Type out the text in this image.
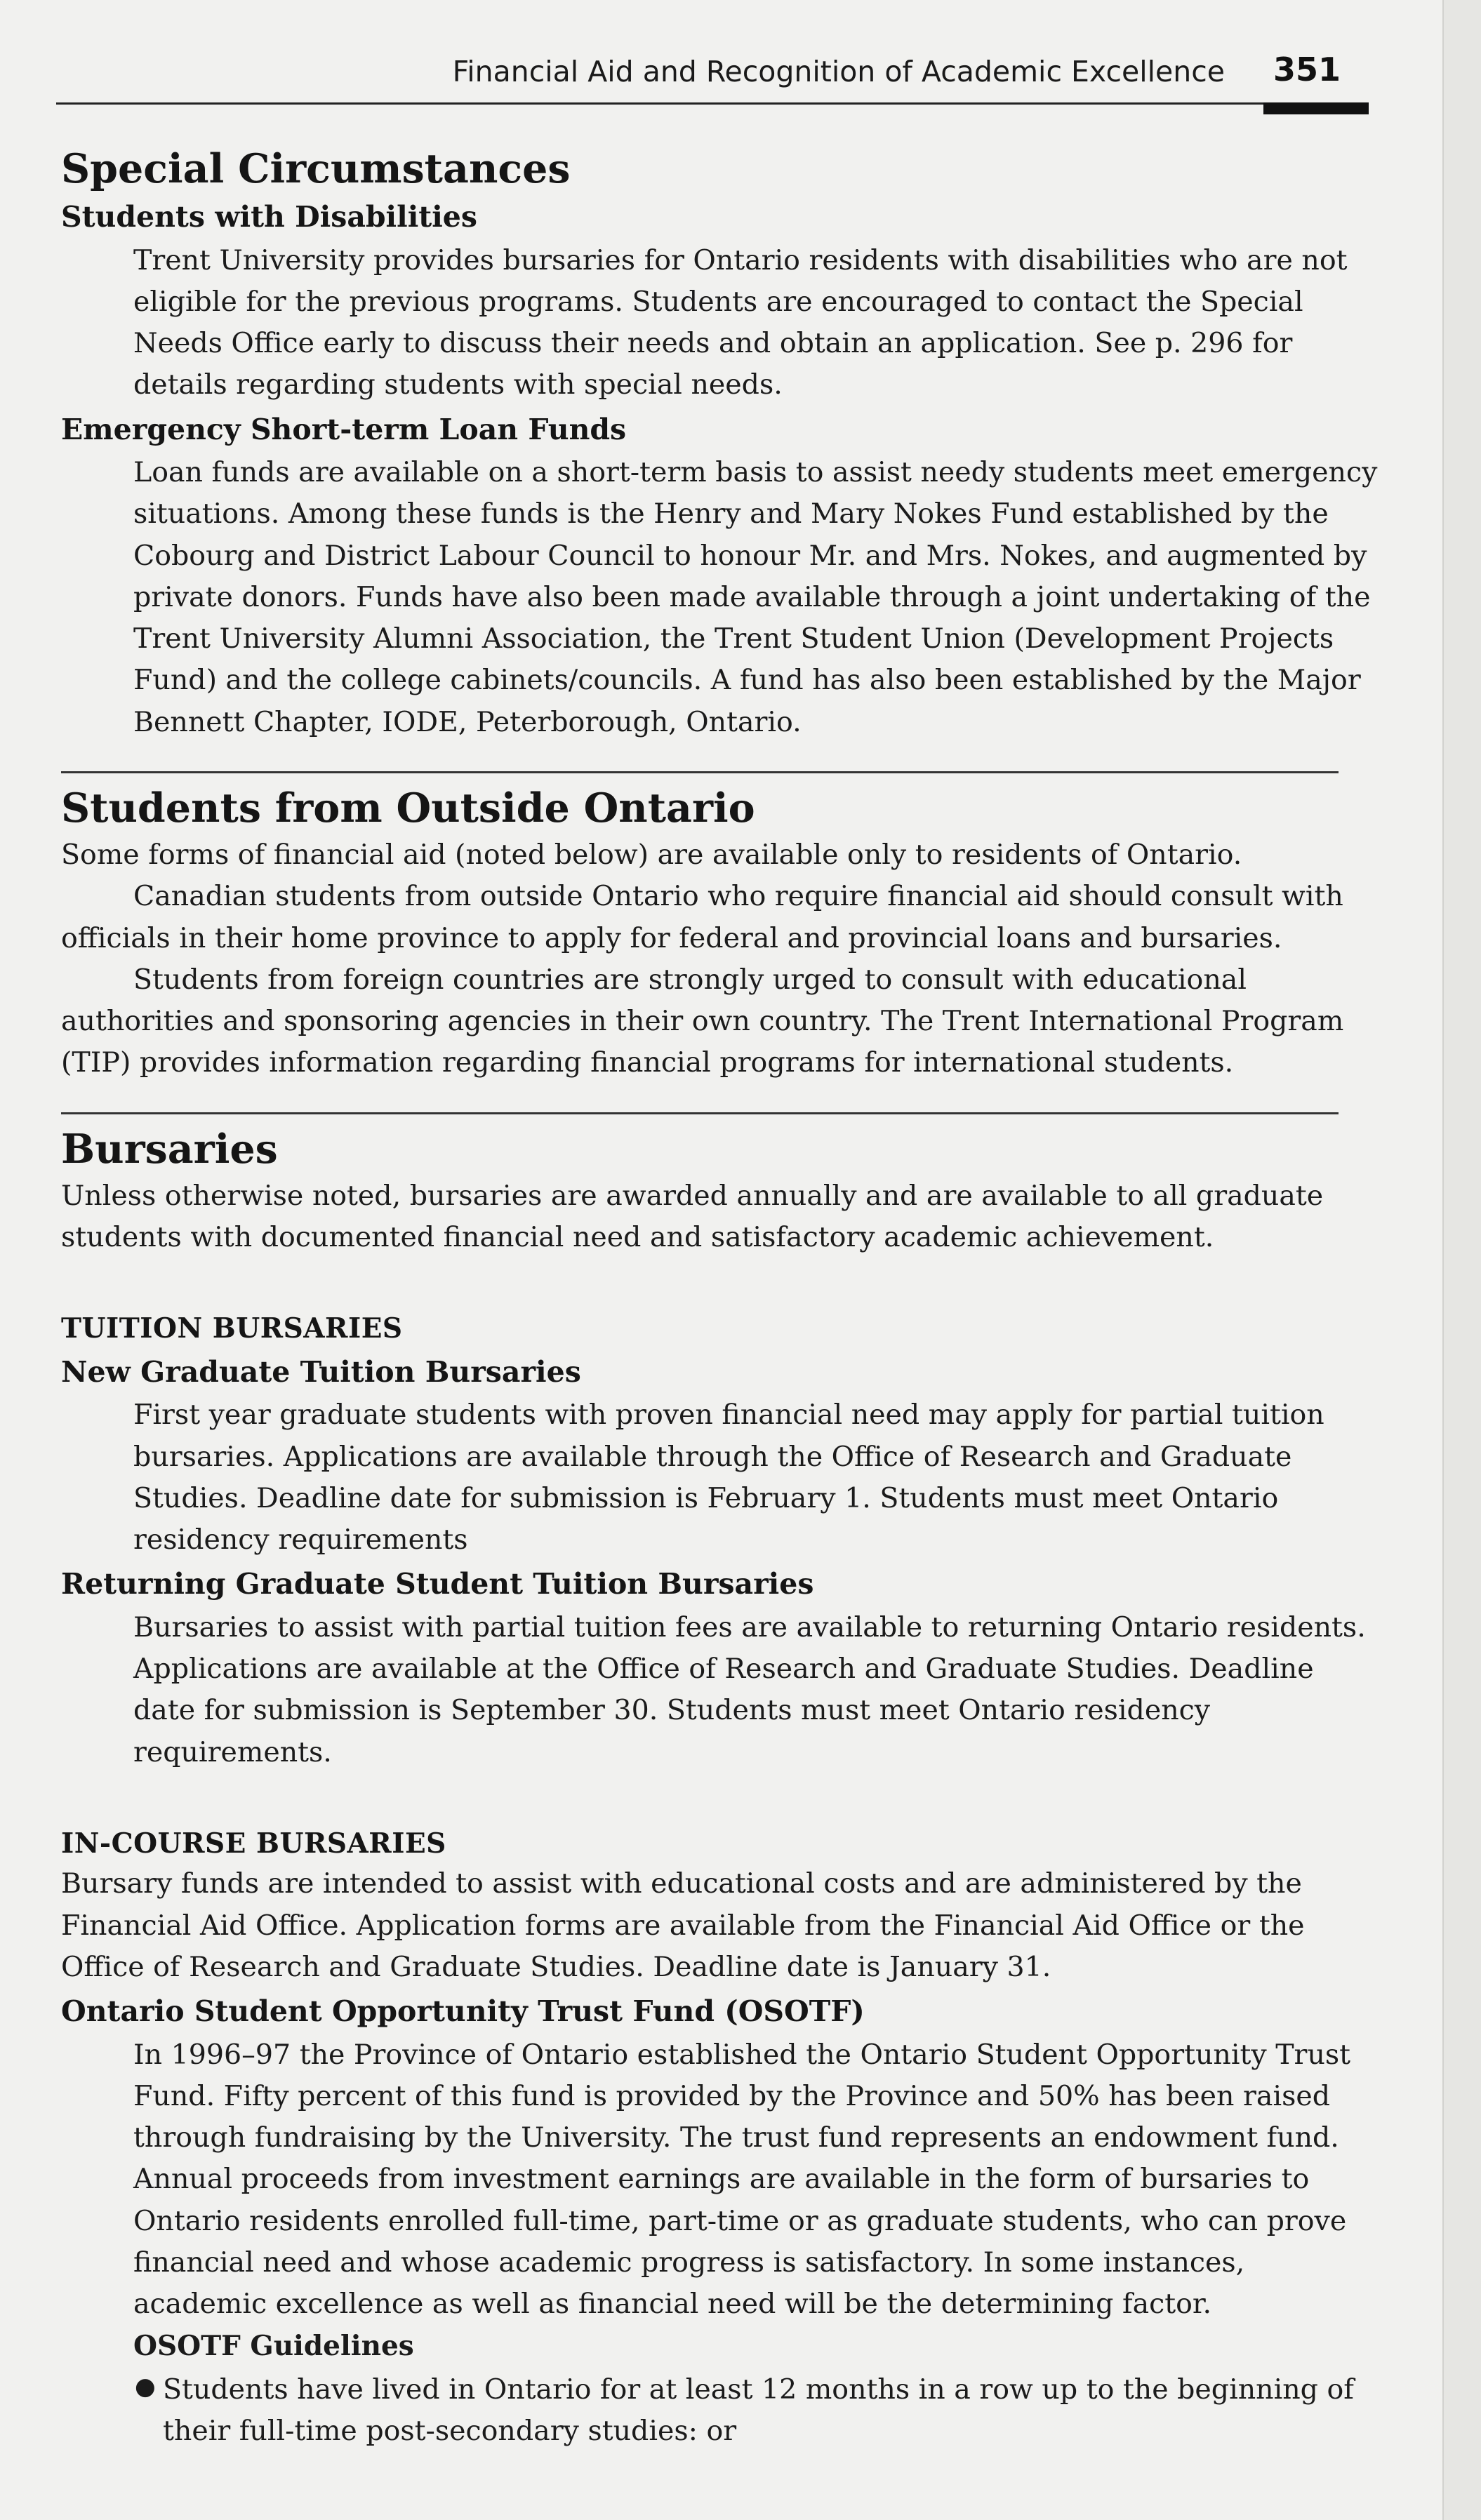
Financial Aid and Recognition of Academic Excellence 351
Special Circumstances
Students with Disabilities

Trent University provides bursaries for Ontario residents with disabilities who are not eligible for the previous programs. Students are encouraged to contact the Special Needs Office early to discuss their needs and obtain an application. See p. 296 for details regarding students with special needs.

Emergency Short-term Loan Funds

Loan funds are available on a short-term basis to assist needy students meet emergency situations. Among these funds is the Henry and Mary Nokes Fund established by the Cobourg and District Labour Council to honour Mr. and Mrs. Nokes, and augmented by private donors. Funds have also been made available through a joint undertaking of the Trent University Alumni Association, the Trent Student Union (Development Projects Fund) and the college cabinets/councils. A fund has also been established by the Major Bennett Chapter, IODE, Peterborough, Ontario.

Students from Outside Ontario

Some forms of financial aid (noted below) are available only to residents of Ontario.

Canadian students from outside Ontario who require financial aid should consult with officials in their home province to apply for federal and provincial loans and bursaries.

Students from foreign countries are strongly urged to consult with educational authorities and sponsoring agencies in their own country. The Trent International Program (TIP) provides information regarding financial programs for international students.

Bursaries

Unless otherwise noted, bursaries are awarded annually and are available to all graduate students with documented financial need and satisfactory academic achievement.

TUITION BURSARIES
New Graduate Tuition Bursaries

First year graduate students with proven financial need may apply for partial tuition bursaries. Applications are available through the Office of Research and Graduate Studies. Deadline date for submission is February 1. Students must meet Ontario residency requirements

Returning Graduate Student Tuition Bursaries

Bursaries to assist with partial tuition fees are available to returning Ontario residents. Applications are available at the Office of Research and Graduate Studies. Deadline date for submission is September 30. Students must meet Ontario residency requirements.

IN-COURSE BURSARIES

Bursary funds are intended to assist with educational costs and are administered by the Financial Aid Office. Application forms are available from the Financial Aid Office or the Office of Research and Graduate Studies. Deadline date is January 31.

Ontario Student Opportunity Trust Fund (OSOTF)

In 1996–97 the Province of Ontario established the Ontario Student Opportunity Trust Fund. Fifty percent of this fund is provided by the Province and 50% has been raised through fundraising by the University. The trust fund represents an endowment fund. Annual proceeds from investment earnings are available in the form of bursaries to Ontario residents enrolled full-time, part-time or as graduate students, who can prove financial need and whose academic progress is satisfactory. In some instances, academic excellence as well as financial need will be the determining factor.

OSOTF Guidelines
● Students have lived in Ontario for at least 12 months in a row up to the beginning of their full-time post-secondary studies: or
